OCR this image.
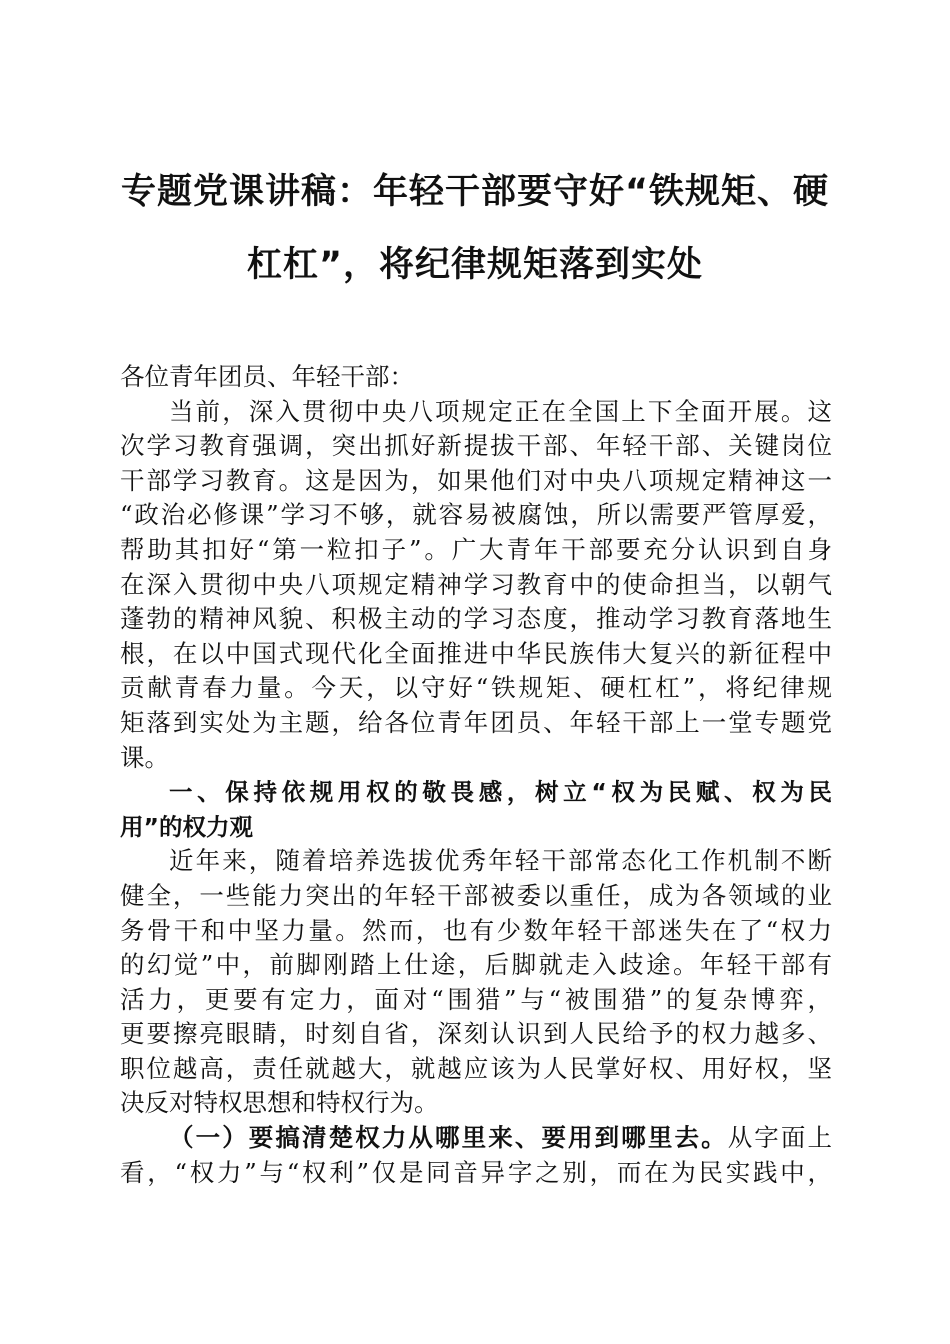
专题党课讲稿：年轻干部要守好“铁规矩、硬
杠杠”，将纪律规矩落到实处
各位青年团员、年轻干部：
当前，深入贯彻中央八项规定正在全国上下全面开展。这
次学习教育强调，突出抓好新提拔干部、年轻干部、关键岗位
干部学习教育。这是因为，如果他们对中央八项规定精神这一
“政治必修课”学习不够，就容易被腐蚀，所以需要严管厚爱，
帮助其扣好“第一粒扣子”。广大青年干部要充分认识到自身
在深入贯彻中央八项规定精神学习教育中的使命担当，以朝气
蓬勃的精神风貌、积极主动的学习态度，推动学习教育落地生
根，在以中国式现代化全面推进中华民族伟大复兴的新征程中
贡献青春力量。今天，以守好“铁规矩、硬杠杠”，将纪律规
矩落到实处为主题，给各位青年团员、年轻干部上一堂专题党
课。
一、保持依规用权的敬畏感，树立“权为民赋、权为民
用”的权力观
近年来，随着培养选拔优秀年轻干部常态化工作机制不断
健全，一些能力突出的年轻干部被委以重任，成为各领域的业
务骨干和中坚力量。然而，也有少数年轻干部迷失在了“权力
的幻觉”中，前脚刚踏上仕途，后脚就走入歧途。年轻干部有
活力，更要有定力，面对“围猎”与“被围猎”的复杂博弈，
更要擦亮眼睛，时刻自省，深刻认识到人民给予的权力越多、
职位越高，责任就越大，就越应该为人民掌好权、用好权，坚
决反对特权思想和特权行为。
（一）要搞清楚权力从哪里来、要用到哪里去。从字面上
看，“权力”与“权利”仅是同音异字之别，而在为民实践中，
